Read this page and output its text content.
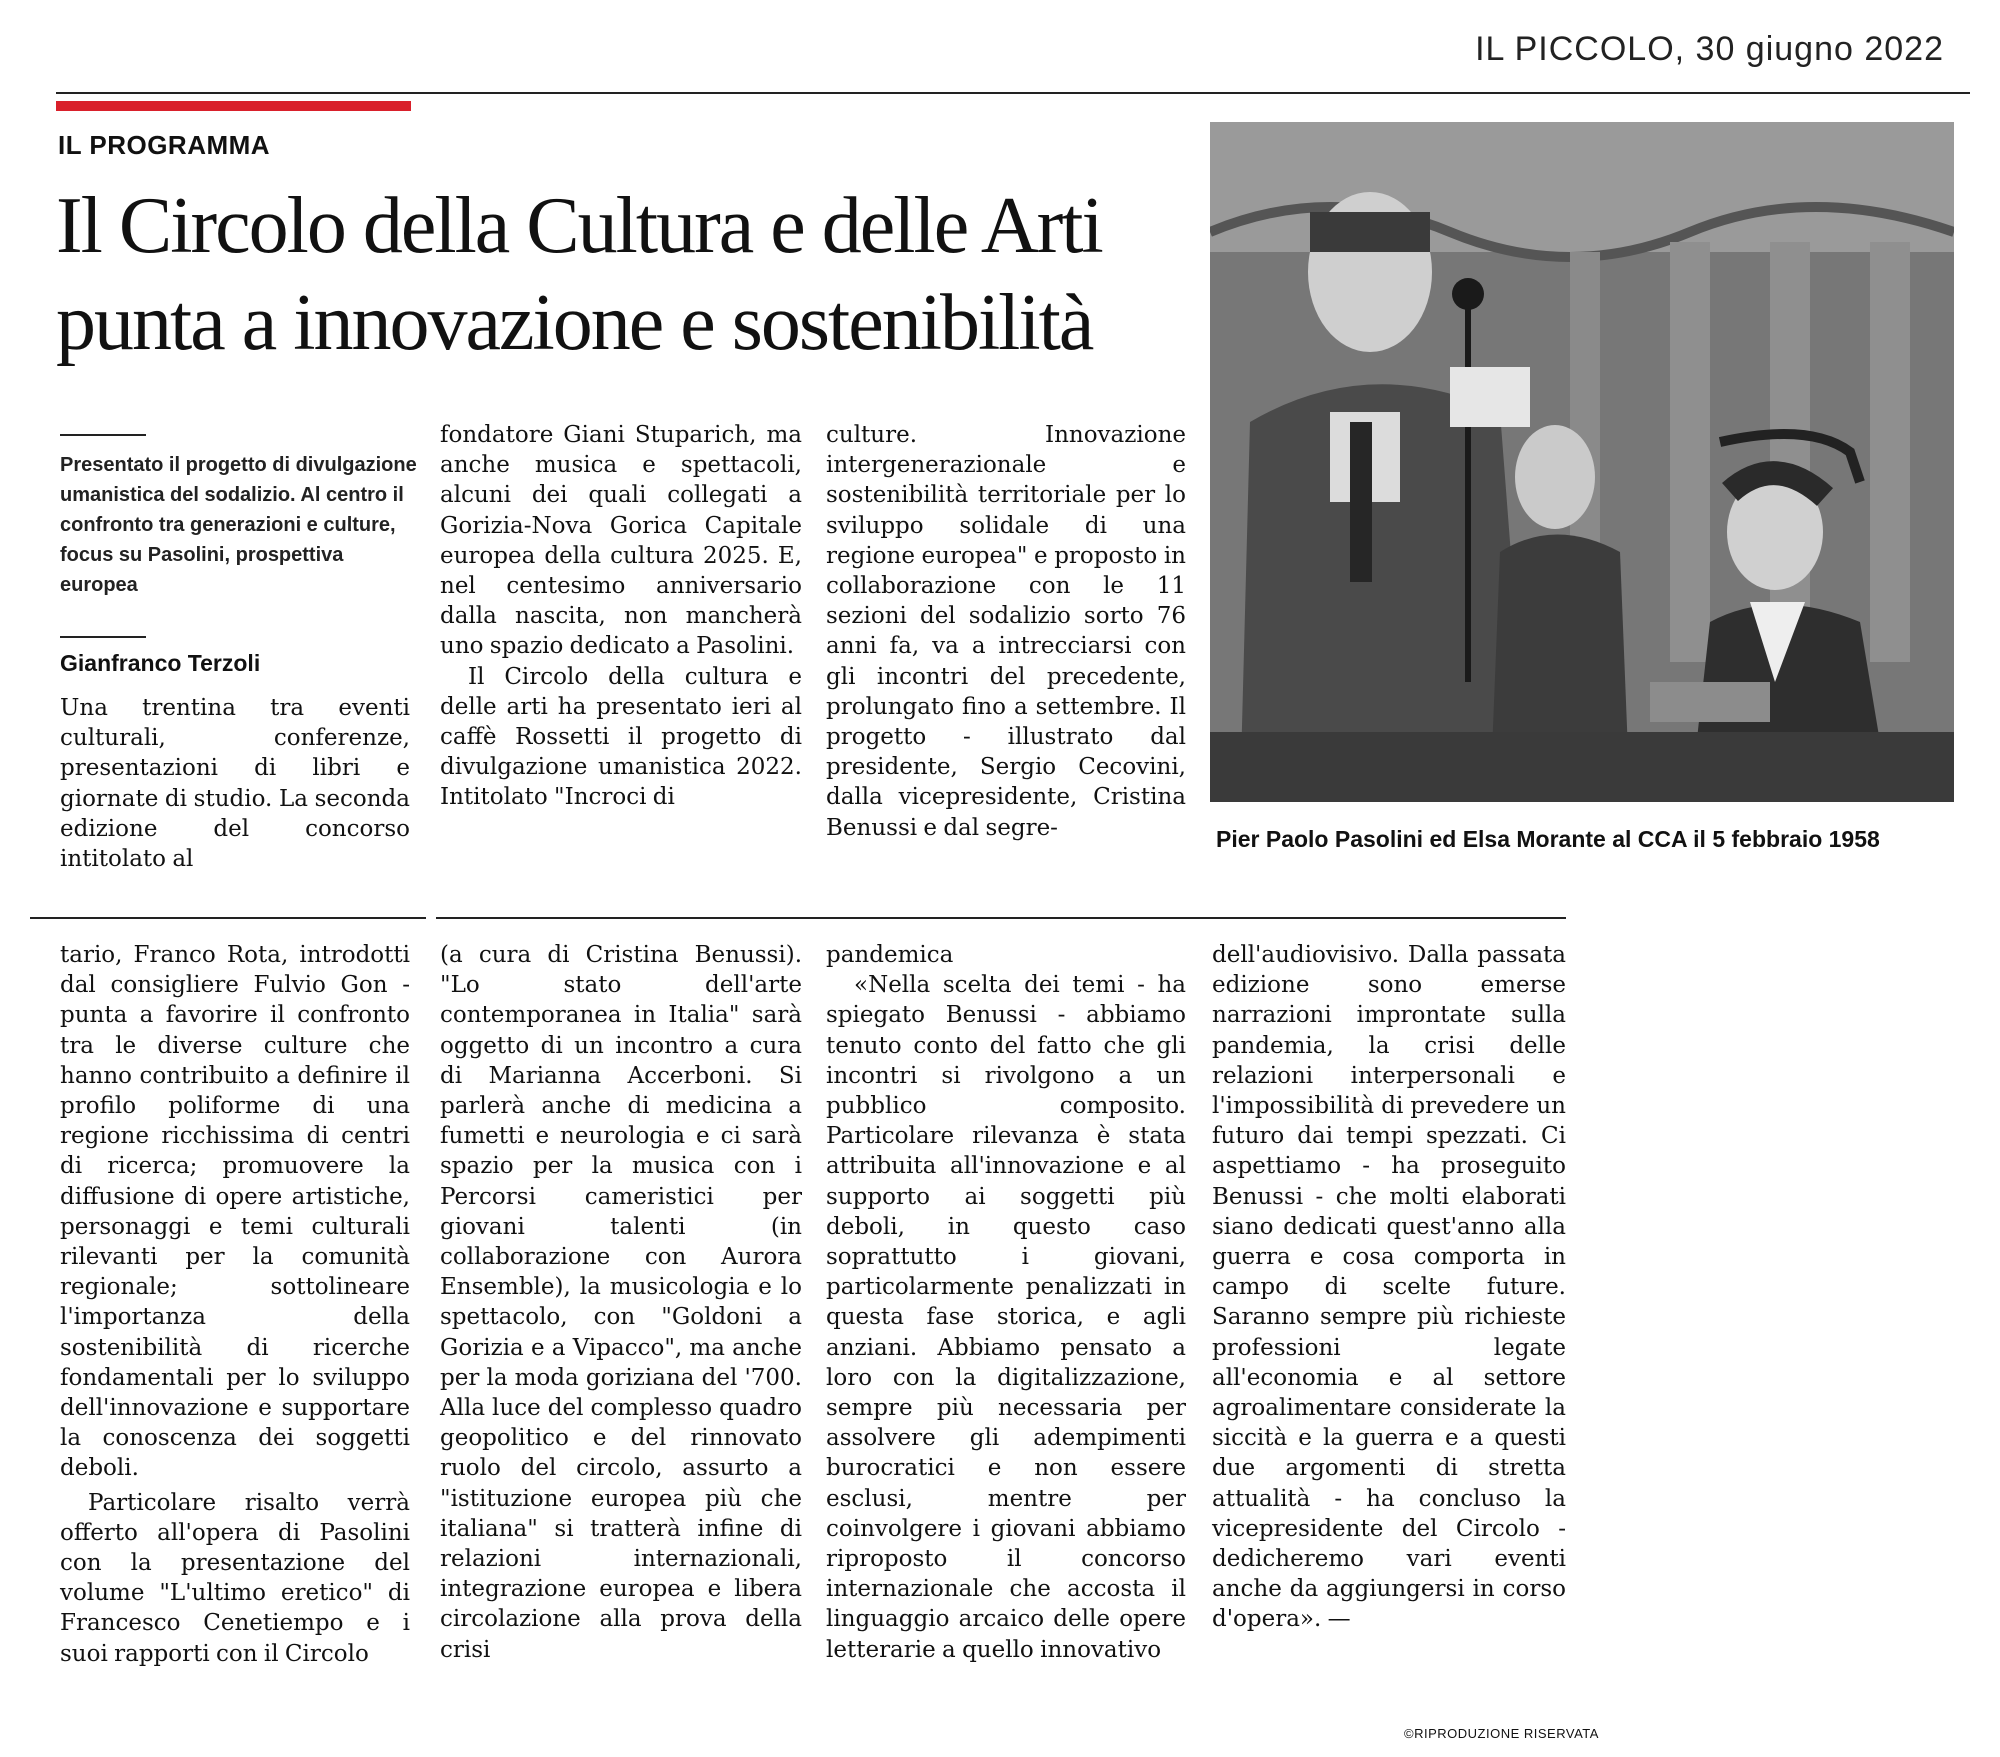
IL PICCOLO, 30 giugno 2022
IL PROGRAMMA
Il Circolo della Cultura e delle Arti
punta a innovazione e sostenibilità
Presentato il progetto di divulgazione umanistica del sodalizio. Al centro il confronto tra generazioni e culture, focus su Pasolini, prospettiva europea
Gianfranco Terzoli

Una trentina tra eventi culturali, conferenze, presentazioni di libri e giornate di studio. La seconda edizione del concorso intitolato al

fondatore Giani Stuparich, ma anche musica e spettacoli, alcuni dei quali collegati a Gorizia-Nova Gorica Capitale europea della cultura 2025. E, nel centesimo anniversario dalla nascita, non mancherà uno spazio dedicato a Pasolini.

Il Circolo della cultura e delle arti ha presentato ieri al caffè Rossetti il progetto di divulgazione umanistica 2022. Intitolato "Incroci di

culture. Innovazione intergenerazionale e sostenibilità territoriale per lo sviluppo solidale di una regione europea" e proposto in collaborazione con le 11 sezioni del sodalizio sorto 76 anni fa, va a intrecciarsi con gli incontri del precedente, prolungato fino a settembre. Il progetto - illustrato dal presidente, Sergio Cecovini, dalla vicepresidente, Cristina Benussi e dal segre-	Pier Paolo Pasolini ed Elsa Morante al CCA il 5 febbraio 1958

tario, Franco Rota, introdotti dal consigliere Fulvio Gon - punta a favorire il confronto tra le diverse culture che hanno contribuito a definire il profilo poliforme di una regione ricchissima di centri di ricerca; promuovere la diffusione di opere artistiche, personaggi e temi culturali rilevanti per la comunità regionale; sottolineare l'importanza della sostenibilità di ricerche fondamentali per lo sviluppo dell'innovazione e supportare la conoscenza dei soggetti deboli.

Particolare risalto verrà offerto all'opera di Pasolini con la presentazione del volume "L'ultimo eretico" di Francesco Cenetiempo e i suoi rapporti con il Circolo

(a cura di Cristina Benussi). "Lo stato dell'arte contemporanea in Italia" sarà oggetto di un incontro a cura di Marianna Accerboni. Si parlerà anche di medicina a fumetti e neurologia e ci sarà spazio per la musica con i Percorsi cameristici per giovani talenti (in collaborazione con Aurora Ensemble), la musicologia e lo spettacolo, con "Goldoni a Gorizia e a Vipacco", ma anche per la moda goriziana del '700. Alla luce del complesso quadro geopolitico e del rinnovato ruolo del circolo, assurto a "istituzione europea più che italiana" si tratterà infine di relazioni internazionali, integrazione europea e libera circolazione alla prova della crisi

pandemica

«Nella scelta dei temi - ha spiegato Benussi - abbiamo tenuto conto del fatto che gli incontri si rivolgono a un pubblico composito. Particolare rilevanza è stata attribuita all'innovazione e al supporto ai soggetti più deboli, in questo caso soprattutto i giovani, particolarmente penalizzati in questa fase storica, e agli anziani. Abbiamo pensato a loro con la digitalizzazione, sempre più necessaria per assolvere gli adempimenti burocratici e non essere esclusi, mentre per coinvolgere i giovani abbiamo riproposto il concorso internazionale che accosta il linguaggio arcaico delle opere letterarie a quello innovativo

dell'audiovisivo. Dalla passata edizione sono emerse narrazioni improntate sulla pandemia, la crisi delle relazioni interpersonali e l'impossibilità di prevedere un futuro dai tempi spezzati. Ci aspettiamo - ha proseguito Benussi - che molti elaborati siano dedicati quest'anno alla guerra e cosa comporta in campo di scelte future. Saranno sempre più richieste professioni legate all'economia e al settore agroalimentare considerate la siccità e la guerra e a questi due argomenti di stretta attualità - ha concluso la vicepresidente del Circolo - dedicheremo vari eventi anche da aggiungersi in corso d'opera». —

©RIPRODUZIONE RISERVATA
